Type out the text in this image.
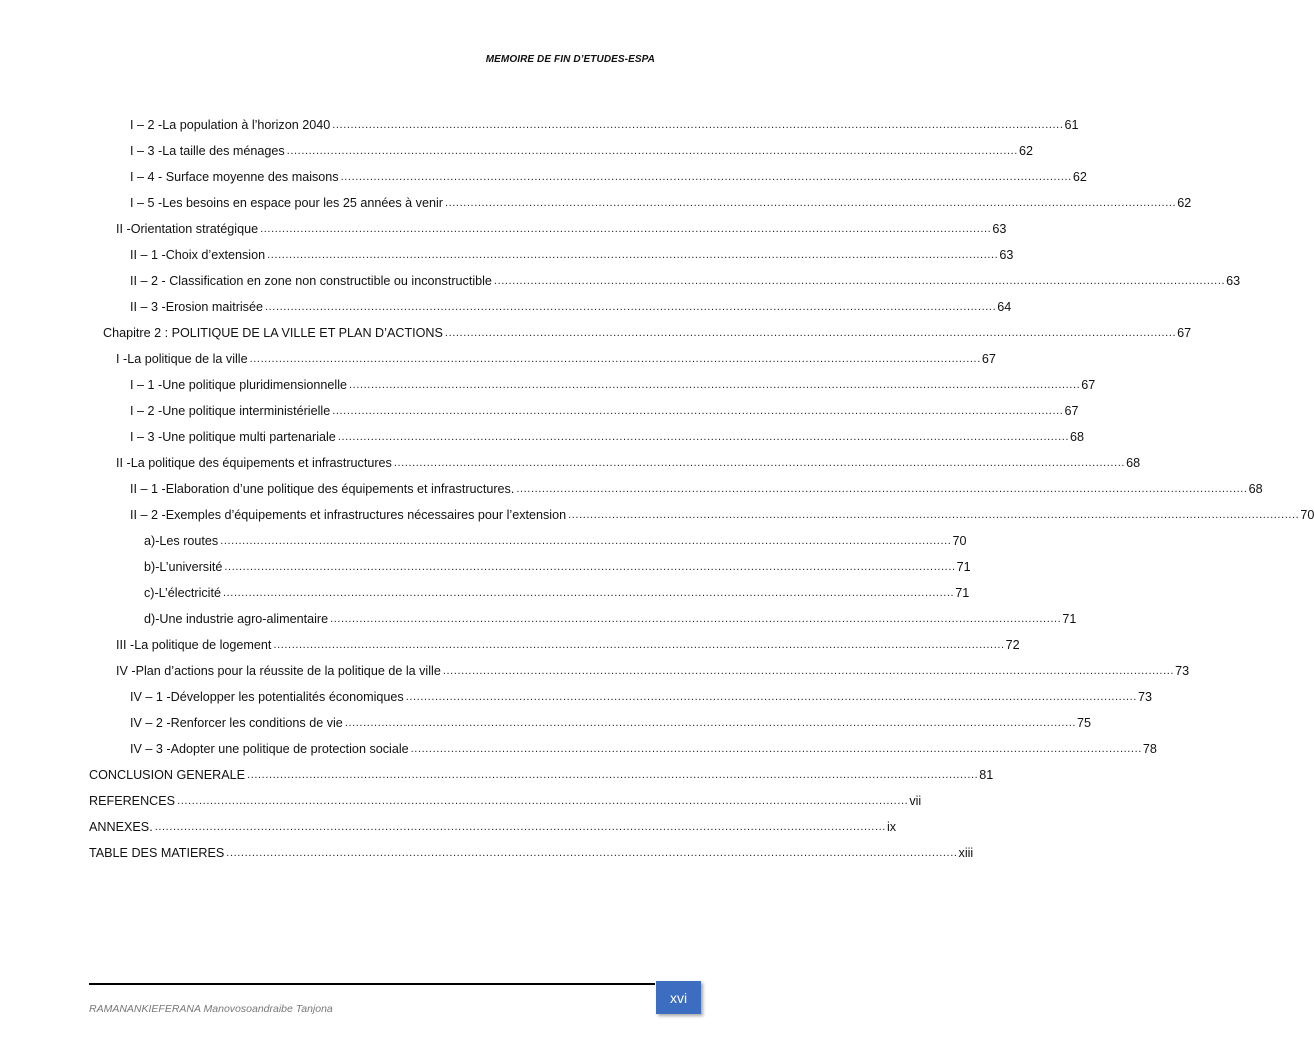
MEMOIRE DE FIN D’ETUDES-ESPA
I – 2 -La population à l’horizon 2040 ........................................................................................................................................................................................................ 61
I – 3 -La taille des ménages ........................................................................................................................................................................................................ 62
I – 4 - Surface moyenne des maisons ........................................................................................................................................................................................................ 62
I – 5 -Les besoins en espace pour les 25 années à venir ........................................................................................................................................................................................................ 62
II -Orientation stratégique ........................................................................................................................................................................................................ 63
II – 1 -Choix d’extension ........................................................................................................................................................................................................ 63
II – 2 - Classification en zone non constructible ou inconstructible ........................................................................................................................................................................................................ 63
II – 3 -Erosion maitrisée ........................................................................................................................................................................................................ 64
Chapitre 2 : POLITIQUE DE LA VILLE ET PLAN D’ACTIONS ........................................................................................................................................................................................................ 67
I -La politique de la ville ........................................................................................................................................................................................................ 67
I – 1 -Une politique pluridimensionnelle ........................................................................................................................................................................................................ 67
I – 2 -Une politique interministérielle ........................................................................................................................................................................................................ 67
I – 3 -Une politique multi partenariale ........................................................................................................................................................................................................ 68
II -La politique des équipements et infrastructures ........................................................................................................................................................................................................ 68
II – 1 -Elaboration d’une politique des équipements et infrastructures. ........................................................................................................................................................................................................ 68
II – 2 -Exemples d’équipements et infrastructures nécessaires pour l’extension ........................................................................................................................................................................................................ 70
a)-Les routes ........................................................................................................................................................................................................ 70
b)-L’université ........................................................................................................................................................................................................ 71
c)-L’électricité ........................................................................................................................................................................................................ 71
d)-Une industrie agro-alimentaire ........................................................................................................................................................................................................ 71
III -La politique de logement ........................................................................................................................................................................................................ 72
IV -Plan d’actions pour la réussite de la politique de la ville ........................................................................................................................................................................................................ 73
IV – 1 -Développer les potentialités économiques ........................................................................................................................................................................................................ 73
IV – 2 -Renforcer les conditions de vie ........................................................................................................................................................................................................ 75
IV – 3 -Adopter une politique de protection sociale ........................................................................................................................................................................................................ 78
CONCLUSION GENERALE ........................................................................................................................................................................................................ 81
REFERENCES ........................................................................................................................................................................................................ vii
ANNEXES. ........................................................................................................................................................................................................ ix
TABLE DES MATIERES ........................................................................................................................................................................................................ xiii
xvi
RAMANANKIEFERANA Manovosoandraibe Tanjona
